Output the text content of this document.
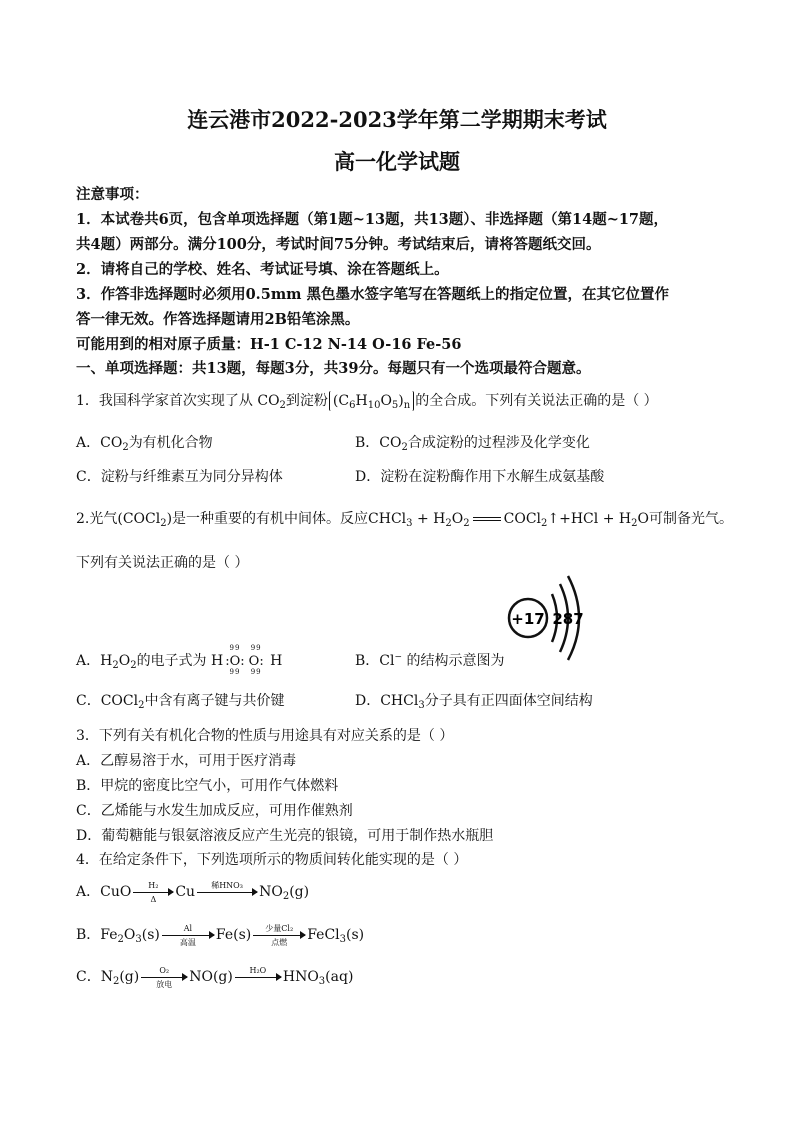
连云港市2022-2023学年第二学期期末考试
高一化学试题
注意事项：
1．本试卷共6页，包含单项选择题（第1题~13题，共13题）、非选择题（第14题~17题，
共4题）两部分。满分100分，考试时间75分钟。考试结束后，请将答题纸交回。
2．请将自己的学校、姓名、考试证号填、涂在答题纸上。
3．作答非选择题时必须用0.5mm 黑色墨水签字笔写在答题纸上的指定位置，在其它位置作
答一律无效。作答选择题请用2B铅笔涂黑。
可能用到的相对原子质量：H-1 C-12 N-14 O-16 Fe-56
一、单项选择题：共13题，每题3分，共39分。每题只有一个选项最符合题意。
1．我国科学家首次实现了从 $CO_2$到淀粉 $(C_6H_{10}O_5)_n$ 的全合成。下列有关说法正确的是（ ）
A．$CO_2$为有机化合物	B．$CO_2$合成淀粉的过程涉及化学变化
C．淀粉与纤维素互为同分异构体	D．淀粉在淀粉酶作用下水解生成氨基酸
2.光气(COCl$_2$)是一种重要的有机中间体。反应CHCl$_3$ + $H_2O_2$ COCl$_2$↑+HCl + $H_2O$可制备光气。
下列有关说法正确的是（ ）
+17 287
A．$H_2O_2$的电子式为 H
99
:O:
99
99
O:
99
H	B．Cl− 的结构示意图为
C．COCl$_2$中含有离子键与共价键	D．CHCl$_3$分子具有正四面体空间结构
3．下列有关有机化合物的性质与用途具有对应关系的是（ ）
A．乙醇易溶于水，可用于医疗消毒
B．甲烷的密度比空气小，可用作气体燃料
C．乙烯能与水发生加成反应，可用作催熟剂
D．葡萄糖能与银氨溶液反应产生光亮的银镜，可用于制作热水瓶胆
4．在给定条件下，下列选项所示的物质间转化能实现的是（ ）
A．CuO $\frac{\text{H₂}}{\Delta}$ Cu	稀HNO₃	$NO_2(g)$
B．$Fe_2O_3(s)$	Al
高温	Fe(s)	少量Cl₂
点燃	FeCl$_3$(s)
C．$N_2(g)$	O₂
放电	NO(g)	H₂O	$HNO_3(aq)$
